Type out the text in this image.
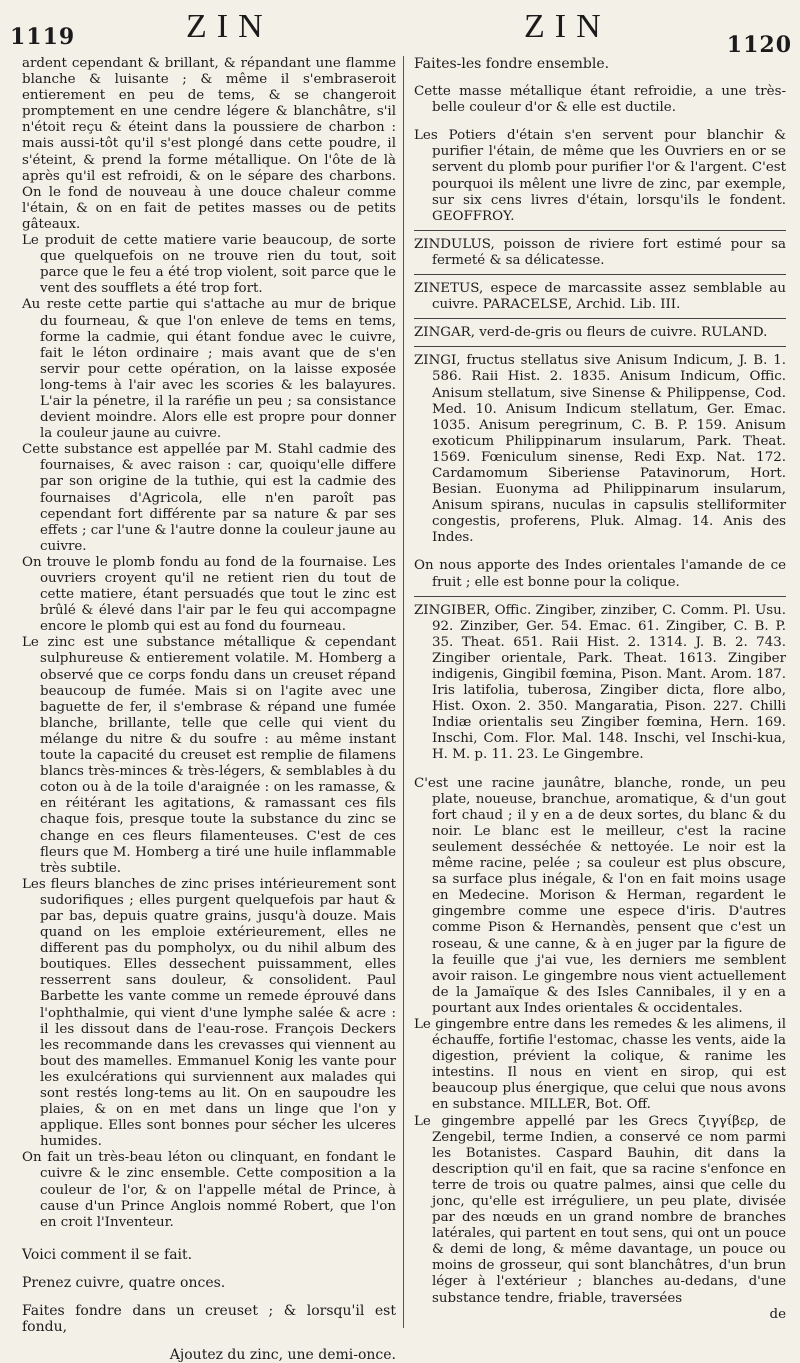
1119	ZIN	ZIN	1120

ardent cependant & brillant, & répandant une flamme blanche & luisante ; & même il s'embraseroit entierement en peu de tems, & se changeroit promptement en une cendre légere & blanchâtre, s'il n'étoit reçu & éteint dans la poussiere de charbon : mais aussi-tôt qu'il s'est plongé dans cette poudre, il s'éteint, & prend la forme métallique. On l'ôte de là après qu'il est refroidi, & on le sépare des charbons. On le fond de nouveau à une douce chaleur comme l'étain, & on en fait de petites masses ou de petits gâteaux.

Le produit de cette matiere varie beaucoup, de sorte que quelquefois on ne trouve rien du tout, soit parce que le feu a été trop violent, soit parce que le vent des soufflets a été trop fort.

Au reste cette partie qui s'attache au mur de brique du fourneau, & que l'on enleve de tems en tems, forme la cadmie, qui étant fondue avec le cuivre, fait le léton ordinaire ; mais avant que de s'en servir pour cette opération, on la laisse exposée long-tems à l'air avec les scories & les balayures. L'air la pénetre, il la raréfie un peu ; sa consistance devient moindre. Alors elle est propre pour donner la couleur jaune au cuivre.

Cette substance est appellée par M. Stahl cadmie des fournaises, & avec raison : car, quoiqu'elle differe par son origine de la tuthie, qui est la cadmie des fournaises d'Agricola, elle n'en paroît pas cependant fort différente par sa nature & par ses effets ; car l'une & l'autre donne la couleur jaune au cuivre.

On trouve le plomb fondu au fond de la fournaise. Les ouvriers croyent qu'il ne retient rien du tout de cette matiere, étant persuadés que tout le zinc est brûlé & élevé dans l'air par le feu qui accompagne encore le plomb qui est au fond du fourneau.

Le zinc est une substance métallique & cependant sulphureuse & entierement volatile. M. Homberg a observé que ce corps fondu dans un creuset répand beaucoup de fumée. Mais si on l'agite avec une baguette de fer, il s'embrase & répand une fumée blanche, brillante, telle que celle qui vient du mélange du nitre & du soufre : au même instant toute la capacité du creuset est remplie de filamens blancs très-minces & très-légers, & semblables à du coton ou à de la toile d'araignée : on les ramasse, & en réitérant les agitations, & ramassant ces fils chaque fois, presque toute la substance du zinc se change en ces fleurs filamenteuses. C'est de ces fleurs que M. Homberg a tiré une huile inflammable très subtile.

Les fleurs blanches de zinc prises intérieurement sont sudorifiques ; elles purgent quelquefois par haut & par bas, depuis quatre grains, jusqu'à douze. Mais quand on les emploie extérieurement, elles ne different pas du pompholyx, ou du nihil album des boutiques. Elles dessechent puissamment, elles resserrent sans douleur, & consolident. Paul Barbette les vante comme un remede éprouvé dans l'ophthalmie, qui vient d'une lymphe salée & acre : il les dissout dans de l'eau-rose. François Deckers les recommande dans les crevasses qui viennent au bout des mamelles. Emmanuel Konig les vante pour les exulcérations qui surviennent aux malades qui sont restés long-tems au lit. On en saupoudre les plaies, & on en met dans un linge que l'on y applique. Elles sont bonnes pour sécher les ulceres humides.

On fait un très-beau léton ou clinquant, en fondant le cuivre & le zinc ensemble. Cette composition a la couleur de l'or, & on l'appelle métal de Prince, à cause d'un Prince Anglois nommé Robert, que l'on en croit l'Inventeur.

Voici comment il se fait.

Prenez cuivre, quatre onces.

Faites fondre dans un creuset ; & lorsqu'il est fondu,

Ajoutez du zinc, une demi-once.

Faites-les fondre ensemble.

Cette masse métallique étant refroidie, a une très-belle couleur d'or & elle est ductile.

Les Potiers d'étain s'en servent pour blanchir & purifier l'étain, de même que les Ouvriers en or se servent du plomb pour purifier l'or & l'argent. C'est pourquoi ils mêlent une livre de zinc, par exemple, sur six cens livres d'étain, lorsqu'ils le fondent. GEOFFROY.

ZINDULUS, poisson de riviere fort estimé pour sa fermeté & sa délicatesse.

ZINETUS, espece de marcassite assez semblable au cuivre. PARACELSE, Archid. Lib. III.

ZINGAR, verd-de-gris ou fleurs de cuivre. RULAND.

ZINGI, fructus stellatus sive Anisum Indicum, J. B. 1. 586. Raii Hist. 2. 1835. Anisum Indicum, Offic. Anisum stellatum, sive Sinense & Philippense, Cod. Med. 10. Anisum Indicum stellatum, Ger. Emac. 1035. Anisum peregrinum, C. B. P. 159. Anisum exoticum Philippinarum insularum, Park. Theat. 1569. Fœniculum sinense, Redi Exp. Nat. 172. Cardamomum Siberiense Patavinorum, Hort. Besian. Euonyma ad Philippinarum insularum, Anisum spirans, nuculas in capsulis stelliformiter congestis, proferens, Pluk. Almag. 14. Anis des Indes.

On nous apporte des Indes orientales l'amande de ce fruit ; elle est bonne pour la colique.

ZINGIBER, Offic. Zingiber, zinziber, C. Comm. Pl. Usu. 92. Zinziber, Ger. 54. Emac. 61. Zingiber, C. B. P. 35. Theat. 651. Raii Hist. 2. 1314. J. B. 2. 743. Zingiber orientale, Park. Theat. 1613. Zingiber indigenis, Gingibil fœmina, Pison. Mant. Arom. 187. Iris latifolia, tuberosa, Zingiber dicta, flore albo, Hist. Oxon. 2. 350. Mangaratia, Pison. 227. Chilli Indiæ orientalis seu Zingiber fœmina, Hern. 169. Inschi, Com. Flor. Mal. 148. Inschi, vel Inschi-kua, H. M. p. 11. 23. Le Gingembre.

C'est une racine jaunâtre, blanche, ronde, un peu plate, noueuse, branchue, aromatique, & d'un gout fort chaud ; il y en a de deux sortes, du blanc & du noir. Le blanc est le meilleur, c'est la racine seulement desséchée & nettoyée. Le noir est la même racine, pelée ; sa couleur est plus obscure, sa surface plus inégale, & l'on en fait moins usage en Medecine. Morison & Herman, regardent le gingembre comme une espece d'iris. D'autres comme Pison & Hernandès, pensent que c'est un roseau, & une canne, & à en juger par la figure de la feuille que j'ai vue, les derniers me semblent avoir raison. Le gingembre nous vient actuellement de la Jamaïque & des Isles Cannibales, il y en a pourtant aux Indes orientales & occidentales.

Le gingembre entre dans les remedes & les alimens, il échauffe, fortifie l'estomac, chasse les vents, aide la digestion, prévient la colique, & ranime les intestins. Il nous en vient en sirop, qui est beaucoup plus énergique, que celui que nous avons en substance. MILLER, Bot. Off.

Le gingembre appellé par les Grecs ζιγγίβερ, de Zengebil, terme Indien, a conservé ce nom parmi les Botanistes. Caspard Bauhin, dit dans la description qu'il en fait, que sa racine s'enfonce en terre de trois ou quatre palmes, ainsi que celle du jonc, qu'elle est irréguliere, un peu plate, divisée par des nœuds en un grand nombre de branches latérales, qui partent en tout sens, qui ont un pouce & demi de long, & même davantage, un pouce ou moins de grosseur, qui sont blanchâtres, d'un brun léger à l'extérieur ; blanches au-dedans, d'une substance tendre, friable, traversées

de
